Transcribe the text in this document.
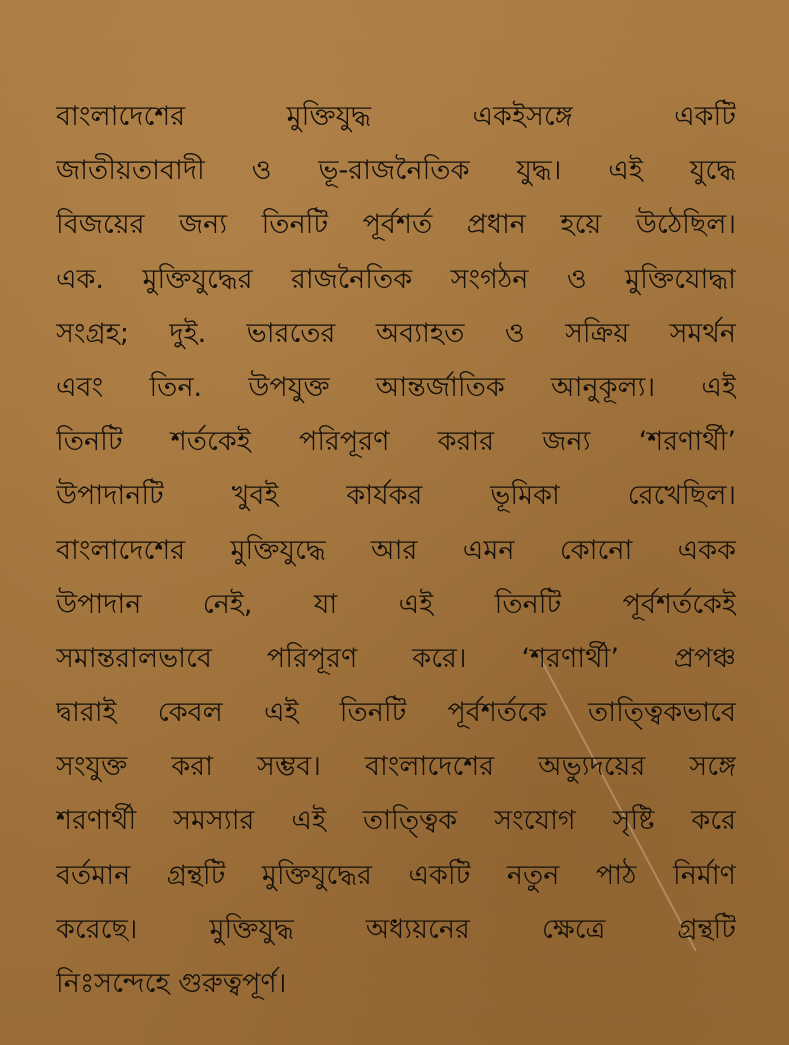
বাংলাদেশের মুক্তিযুদ্ধ একইসঙ্গে একটি
জাতীয়তাবাদী ও ভূ-রাজনৈতিক যুদ্ধ। এই যুদ্ধে
বিজয়ের জন্য তিনটি পূর্বশর্ত প্রধান হয়ে উঠেছিল।
এক. মুক্তিযুদ্ধের রাজনৈতিক সংগঠন ও মুক্তিযোদ্ধা
সংগ্রহ; দুই. ভারতের অব্যাহত ও সক্রিয় সমর্থন
এবং তিন. উপযুক্ত আন্তর্জাতিক আনুকূল্য। এই
তিনটি শর্তকেই পরিপূরণ করার জন্য ‘শরণার্থী’
উপাদানটি খুবই কার্যকর ভূমিকা রেখেছিল।
বাংলাদেশের মুক্তিযুদ্ধে আর এমন কোনো একক
উপাদান নেই, যা এই তিনটি পূর্বশর্তকেই
সমান্তরালভাবে পরিপূরণ করে। ‘শরণার্থী’ প্রপঞ্চ
দ্বারাই কেবল এই তিনটি পূর্বশর্তকে তাত্ত্বিকভাবে
সংযুক্ত করা সম্ভব। বাংলাদেশের অভ্যুদয়ের সঙ্গে
শরণার্থী সমস্যার এই তাত্ত্বিক সংযোগ সৃষ্টি করে
বর্তমান গ্রন্থটি মুক্তিযুদ্ধের একটি নতুন পাঠ নির্মাণ
করেছে। মুক্তিযুদ্ধ অধ্যয়নের ক্ষেত্রে গ্রন্থটি
নিঃসন্দেহে গুরুত্বপূর্ণ।
